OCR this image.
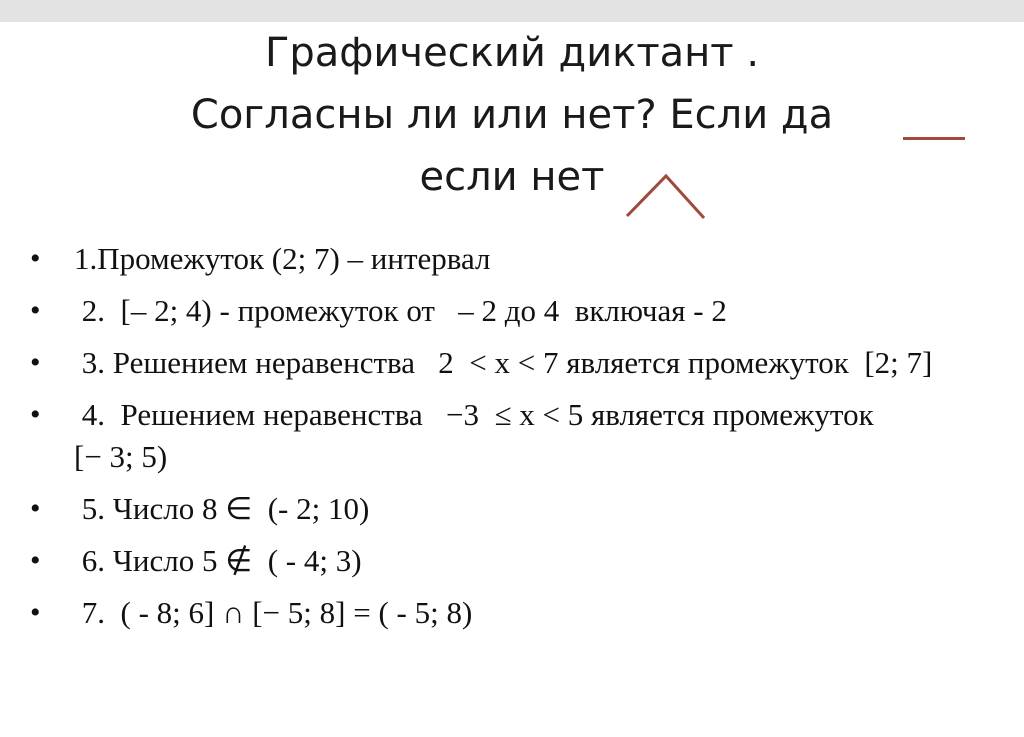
Графический диктант .
Согласны ли или нет? Если да
если нет
• 1.Промежуток (2; 7) – интервал
• 2.  [– 2; 4) - промежуток от   – 2 до 4  включая - 2
• 3. Решением неравенства   2  < х < 7 является промежуток  [2; 7]
• 4.  Решением неравенства   −3  ≤ х < 5 является промежуток          [− 3; 5)
• 5. Число 8 ∈  (- 2; 10)
• 6. Число 5 ∉  ( - 4; 3)
• 7.  ( - 8; 6] ∩ [− 5; 8] = ( - 5; 8)
